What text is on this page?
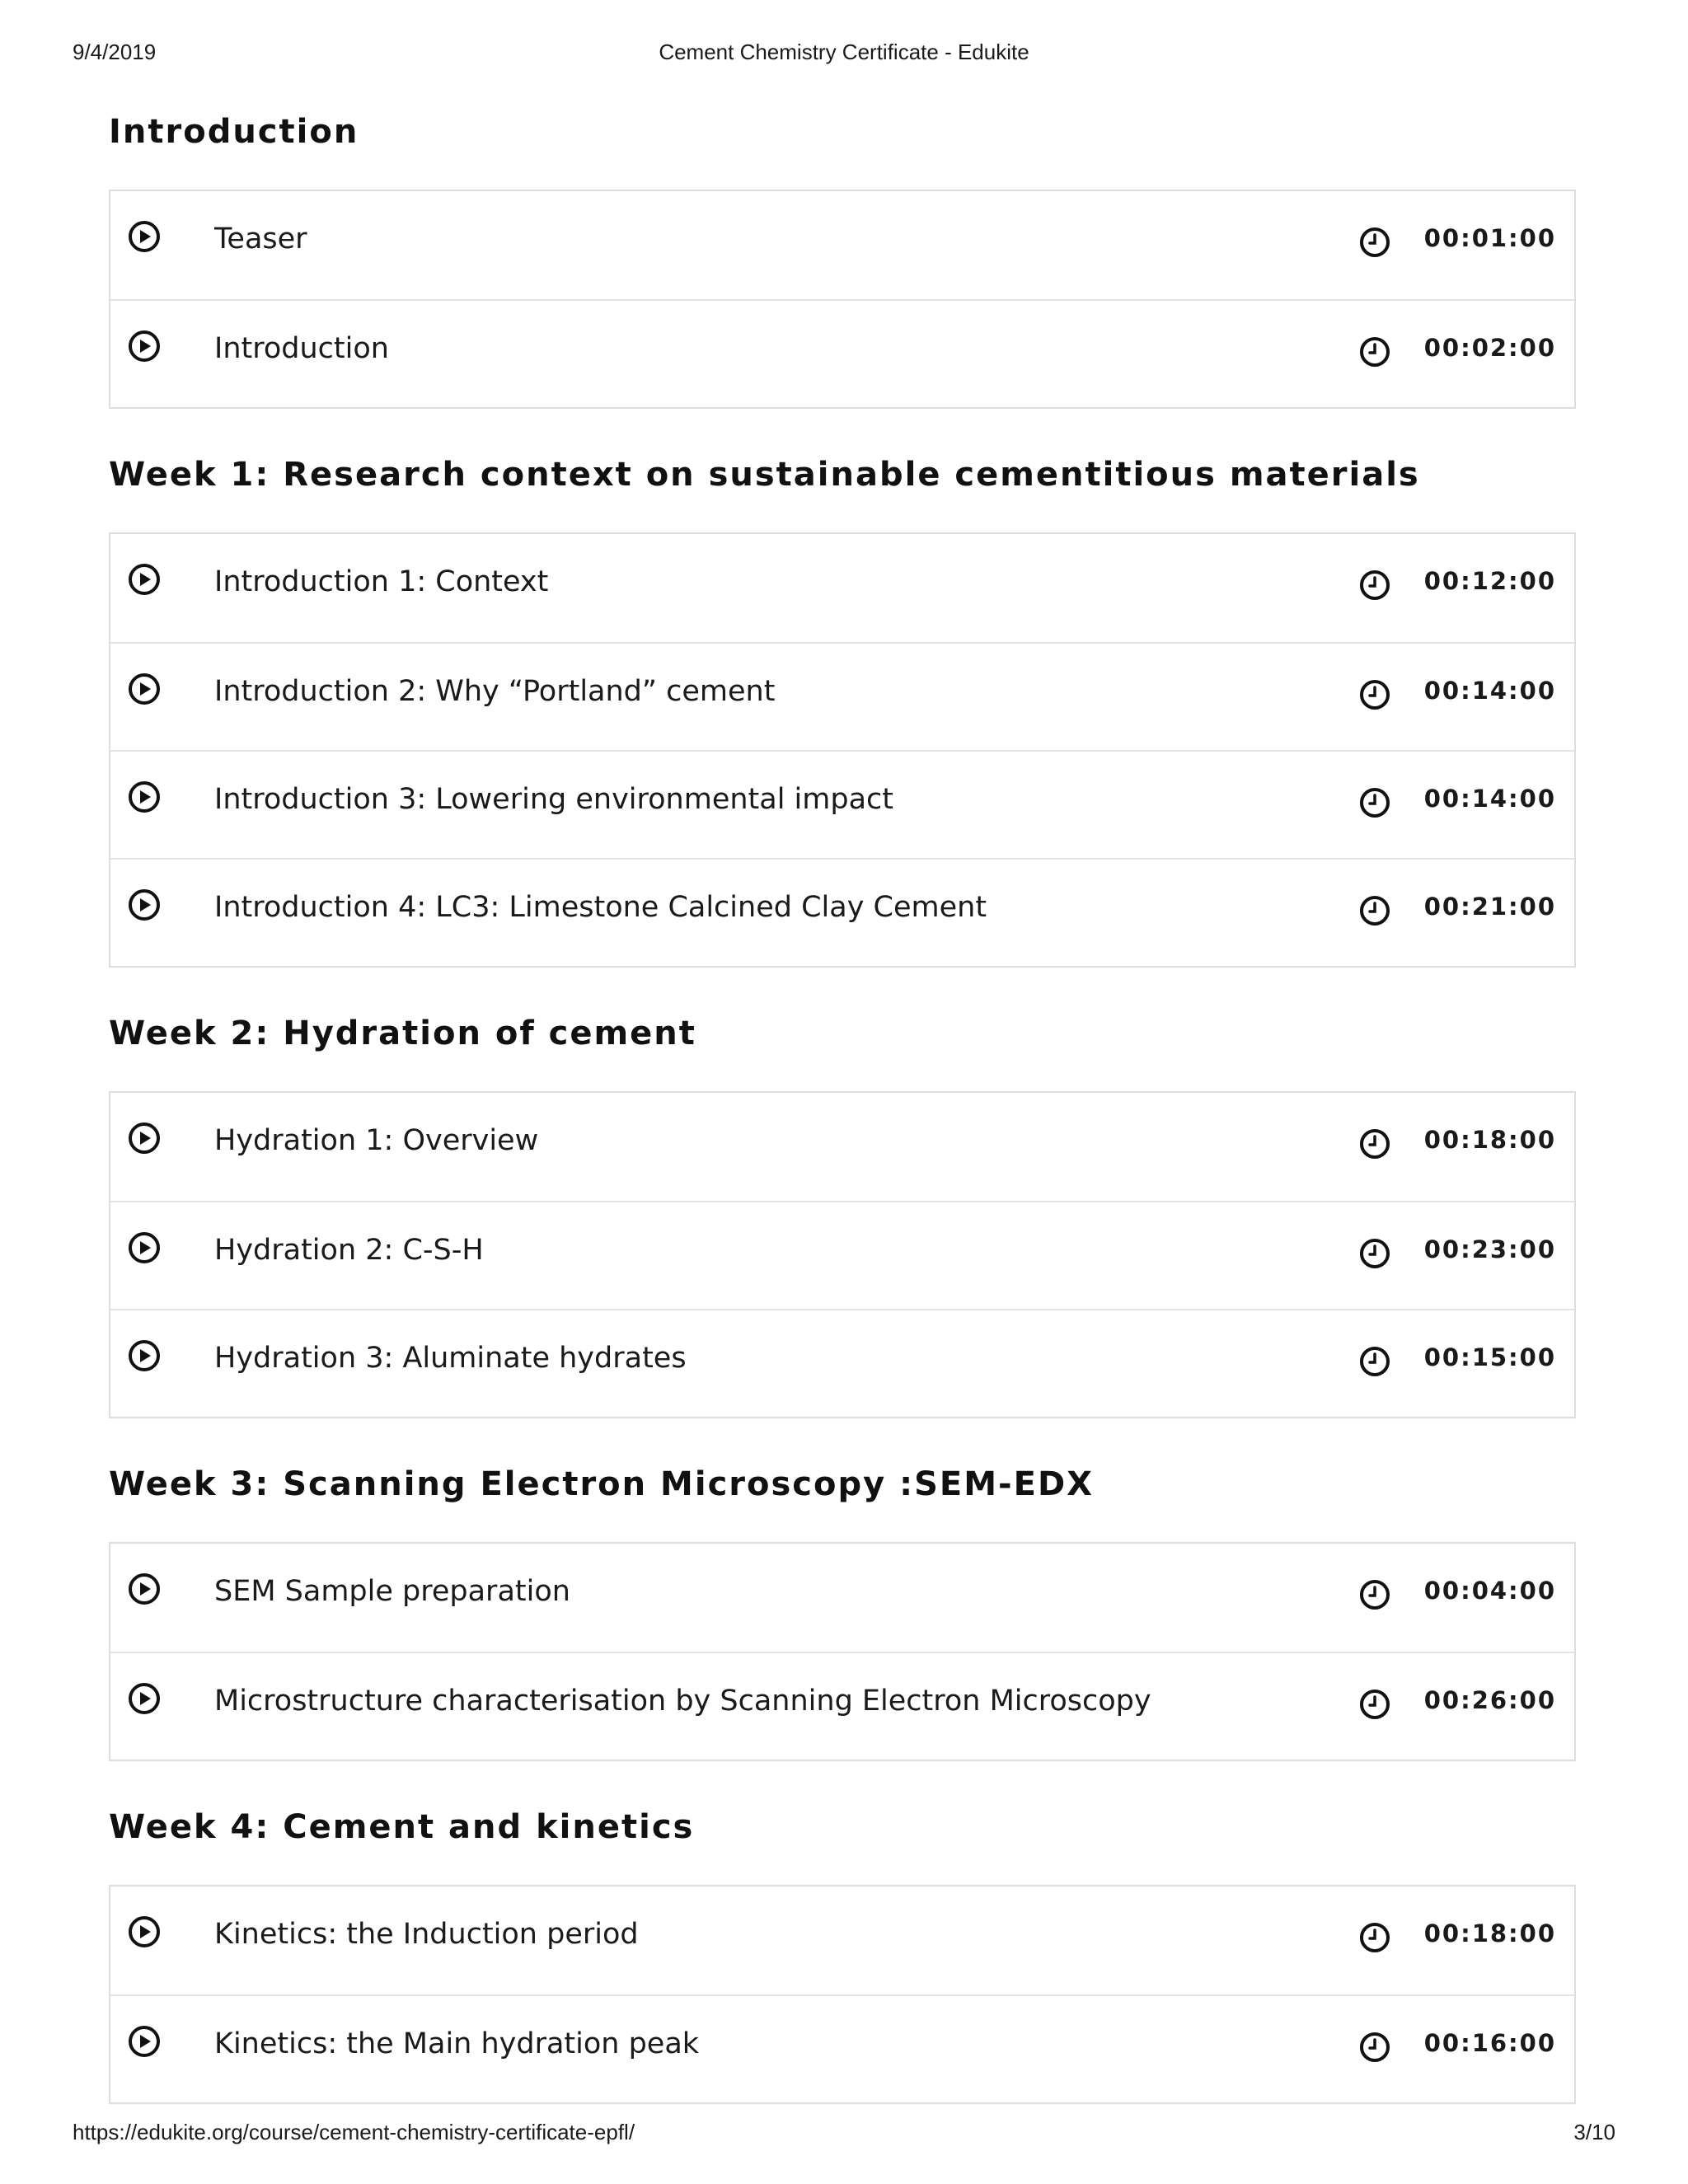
9/4/2019	Cement Chemistry Certificate - Edukite
Introduction
Teaser	00:01:00
Introduction	00:02:00
Week 1: Research context on sustainable cementitious materials
Introduction 1: Context	00:12:00
Introduction 2: Why “Portland” cement	00:14:00
Introduction 3: Lowering environmental impact	00:14:00
Introduction 4: LC3: Limestone Calcined Clay Cement	00:21:00
Week 2: Hydration of cement
Hydration 1: Overview	00:18:00
Hydration 2: C-S-H	00:23:00
Hydration 3: Aluminate hydrates	00:15:00
Week 3: Scanning Electron Microscopy :SEM-EDX
SEM Sample preparation	00:04:00
Microstructure characterisation by Scanning Electron Microscopy	00:26:00
Week 4: Cement and kinetics
Kinetics: the Induction period	00:18:00
Kinetics: the Main hydration peak	00:16:00
https://edukite.org/course/cement-chemistry-certificate-epfl/	3/10
